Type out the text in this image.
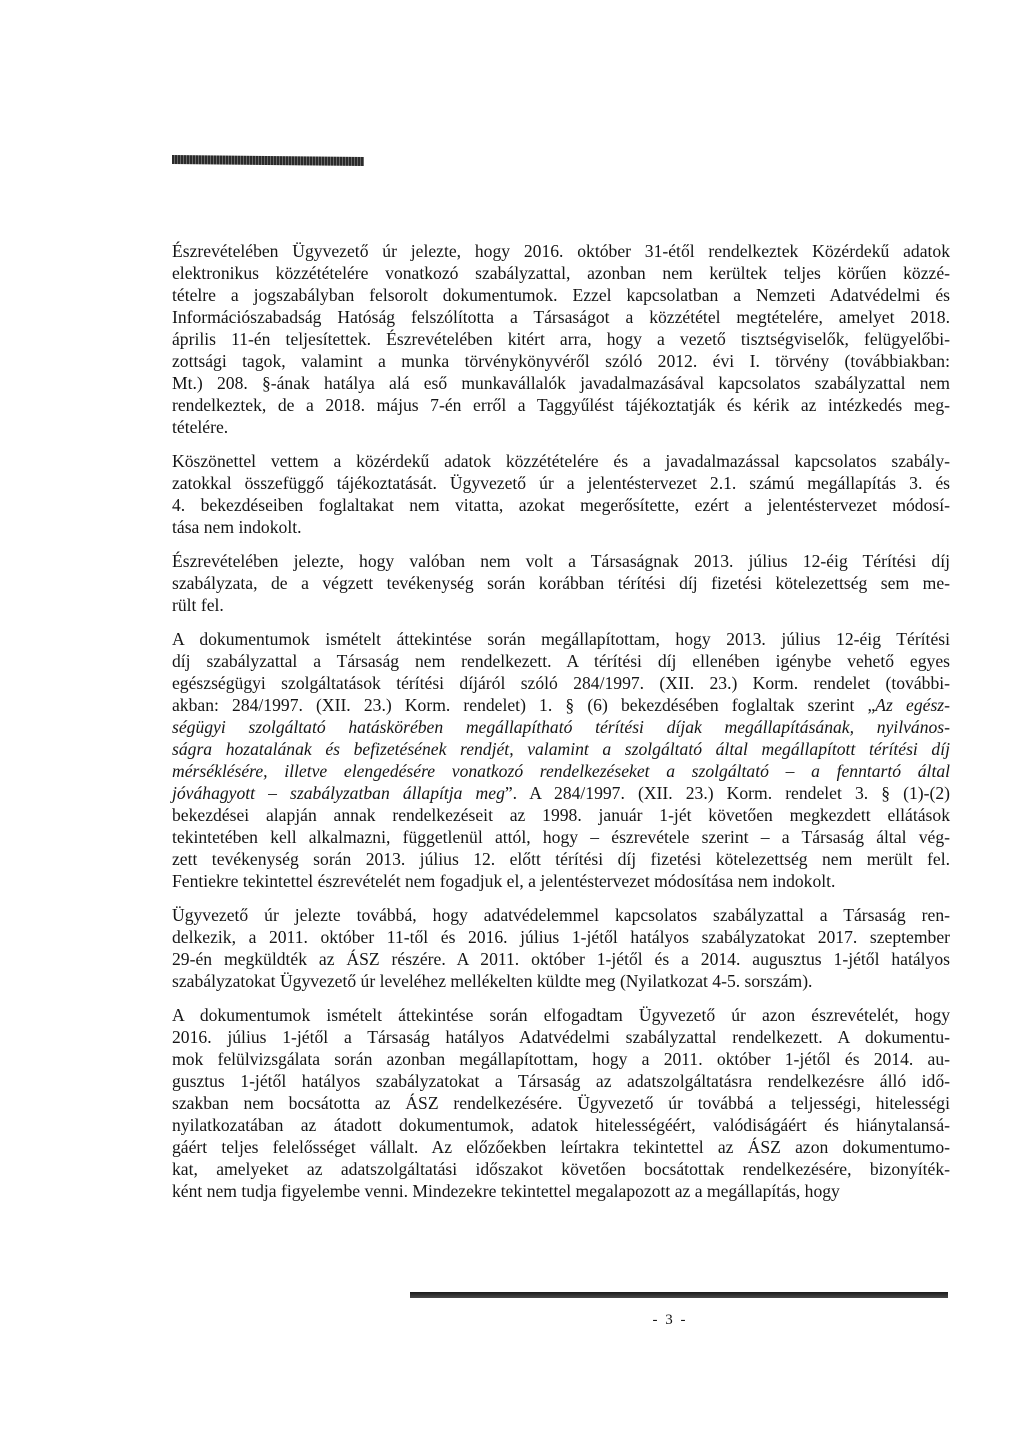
Észrevételében Ügyvezető úr jelezte, hogy 2016. október 31-étől rendelkeztek Közérdekű adatok
elektronikus közzétételére vonatkozó szabályzattal, azonban nem kerültek teljes körűen közzé-
tételre a jogszabályban felsorolt dokumentumok. Ezzel kapcsolatban a Nemzeti Adatvédelmi és
Információszabadság Hatóság felszólította a Társaságot a közzététel megtételére, amelyet 2018.
április 11-én teljesítettek. Észrevételében kitért arra, hogy a vezető tisztségviselők, felügyelőbi-
zottsági tagok, valamint a munka törvénykönyvéről szóló 2012. évi I. törvény (továbbiakban:
Mt.) 208. §-ának hatálya alá eső munkavállalók javadalmazásával kapcsolatos szabályzattal nem
rendelkeztek, de a 2018. május 7-én erről a Taggyűlést tájékoztatják és kérik az intézkedés meg-
tételére.
Köszönettel vettem a közérdekű adatok közzétételére és a javadalmazással kapcsolatos szabály-
zatokkal összefüggő tájékoztatását. Ügyvezető úr a jelentéstervezet 2.1. számú megállapítás 3. és
4. bekezdéseiben foglaltakat nem vitatta, azokat megerősítette, ezért a jelentéstervezet módosí-
tása nem indokolt.
Észrevételében jelezte, hogy valóban nem volt a Társaságnak 2013. július 12-éig Térítési díj
szabályzata, de a végzett tevékenység során korábban térítési díj fizetési kötelezettség sem me-
rült fel.
A dokumentumok ismételt áttekintése során megállapítottam, hogy 2013. július 12-éig Térítési
díj szabályzattal a Társaság nem rendelkezett. A térítési díj ellenében igénybe vehető egyes
egészségügyi szolgáltatások térítési díjáról szóló 284/1997. (XII. 23.) Korm. rendelet (további-
akban: 284/1997. (XII. 23.) Korm. rendelet) 1. § (6) bekezdésében foglaltak szerint „Az egész-
ségügyi szolgáltató hatáskörében megállapítható térítési díjak megállapításának, nyilvános-
ságra hozatalának és befizetésének rendjét, valamint a szolgáltató által megállapított térítési díj
mérséklésére, illetve elengedésére vonatkozó rendelkezéseket a szolgáltató – a fenntartó által
jóváhagyott – szabályzatban állapítja meg”. A 284/1997. (XII. 23.) Korm. rendelet 3. § (1)-(2)
bekezdései alapján annak rendelkezéseit az 1998. január 1-jét követően megkezdett ellátások
tekintetében kell alkalmazni, függetlenül attól, hogy – észrevétele szerint – a Társaság által vég-
zett tevékenység során 2013. július 12. előtt térítési díj fizetési kötelezettség nem merült fel.
Fentiekre tekintettel észrevételét nem fogadjuk el, a jelentéstervezet módosítása nem indokolt.
Ügyvezető úr jelezte továbbá, hogy adatvédelemmel kapcsolatos szabályzattal a Társaság ren-
delkezik, a 2011. október 11-től és 2016. július 1-jétől hatályos szabályzatokat 2017. szeptember
29-én megküldték az ÁSZ részére. A 2011. október 1-jétől és a 2014. augusztus 1-jétől hatályos
szabályzatokat Ügyvezető úr leveléhez mellékelten küldte meg (Nyilatkozat 4-5. sorszám).
A dokumentumok ismételt áttekintése során elfogadtam Ügyvezető úr azon észrevételét, hogy
2016. július 1-jétől a Társaság hatályos Adatvédelmi szabályzattal rendelkezett. A dokumentu-
mok felülvizsgálata során azonban megállapítottam, hogy a 2011. október 1-jétől és 2014. au-
gusztus 1-jétől hatályos szabályzatokat a Társaság az adatszolgáltatásra rendelkezésre álló idő-
szakban nem bocsátotta az ÁSZ rendelkezésére. Ügyvezető úr továbbá a teljességi, hitelességi
nyilatkozatában az átadott dokumentumok, adatok hitelességéért, valódiságáért és hiánytalansá-
gáért teljes felelősséget vállalt. Az előzőekben leírtakra tekintettel az ÁSZ azon dokumentumo-
kat, amelyeket az adatszolgáltatási időszakot követően bocsátottak rendelkezésére, bizonyíték-
ként nem tudja figyelembe venni. Mindezekre tekintettel megalapozott az a megállapítás, hogy
- 3 -
